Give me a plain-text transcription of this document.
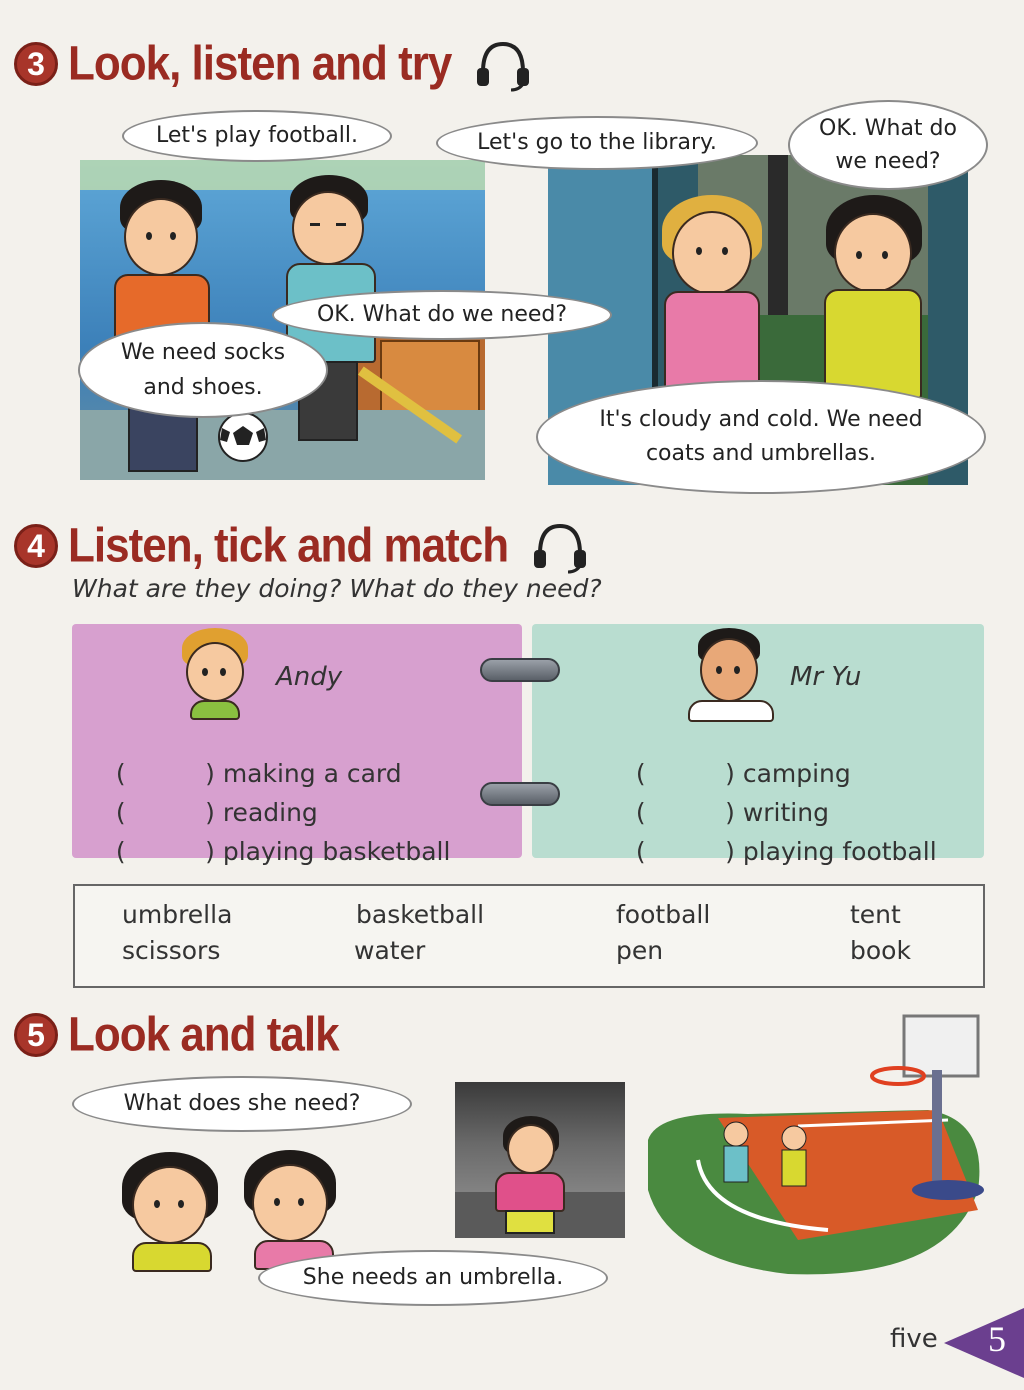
3 Look, listen and try
Let's play football.
OK. What do we need?
We need socks and shoes.
Let's go to the library.
OK. What do we need?
It's cloudy and cold. We need coats and umbrellas.
4 Listen, tick and match
What are they doing? What do they need?
Andy

(          ) making a card

(          ) reading

(          ) playing basketball

Mr Yu

(          ) camping

(          ) writing

(          ) playing football

umbrella
scissors
basketball
water
football
pen
tent
book
5 Look and talk
What does she need?
She needs an umbrella.
five 5
